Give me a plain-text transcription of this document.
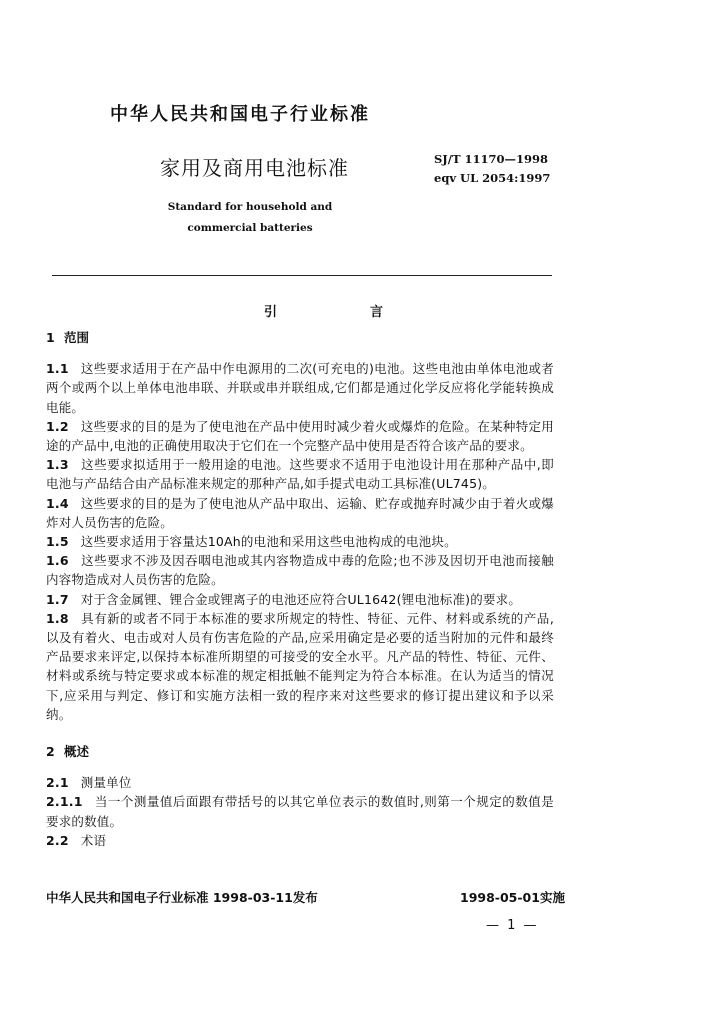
中华人民共和国电子行业标准
家用及商用电池标准	SJ/T 11170—1998
eqv UL 2054:1997
Standard for household and
commercial batteries
引　言
1 范围
1.1 这些要求适用于在产品中作电源用的二次(可充电的)电池。这些电池由单体电池或者两个或两个以上单体电池串联、并联或串并联组成,它们都是通过化学反应将化学能转换成电能。
1.2 这些要求的目的是为了使电池在产品中使用时减少着火或爆炸的危险。在某种特定用途的产品中,电池的正确使用取决于它们在一个完整产品中使用是否符合该产品的要求。
1.3 这些要求拟适用于一般用途的电池。这些要求不适用于电池设计用在那种产品中,即电池与产品结合由产品标准来规定的那种产品,如手提式电动工具标准(UL745)。
1.4 这些要求的目的是为了使电池从产品中取出、运输、贮存或抛弃时减少由于着火或爆炸对人员伤害的危险。
1.5 这些要求适用于容量达10Ah的电池和采用这些电池构成的电池块。
1.6 这些要求不涉及因吞咽电池或其内容物造成中毒的危险;也不涉及因切开电池而接触内容物造成对人员伤害的危险。
1.7 对于含金属锂、锂合金或锂离子的电池还应符合UL1642(锂电池标准)的要求。
1.8 具有新的或者不同于本标准的要求所规定的特性、特征、元件、材料或系统的产品,以及有着火、电击或对人员有伤害危险的产品,应采用确定是必要的适当附加的元件和最终产品要求来评定,以保持本标准所期望的可接受的安全水平。凡产品的特性、特征、元件、材料或系统与特定要求或本标准的规定相抵触不能判定为符合本标准。在认为适当的情况下,应采用与判定、修订和实施方法相一致的程序来对这些要求的修订提出建议和予以采纳。
2 概述
2.1 测量单位
2.1.1 当一个测量值后面跟有带括号的以其它单位表示的数值时,则第一个规定的数值是要求的数值。
2.2 术语
中华人民共和国电子行业标准 1998-03-11发布	1998-05-01实施
— 1 —
